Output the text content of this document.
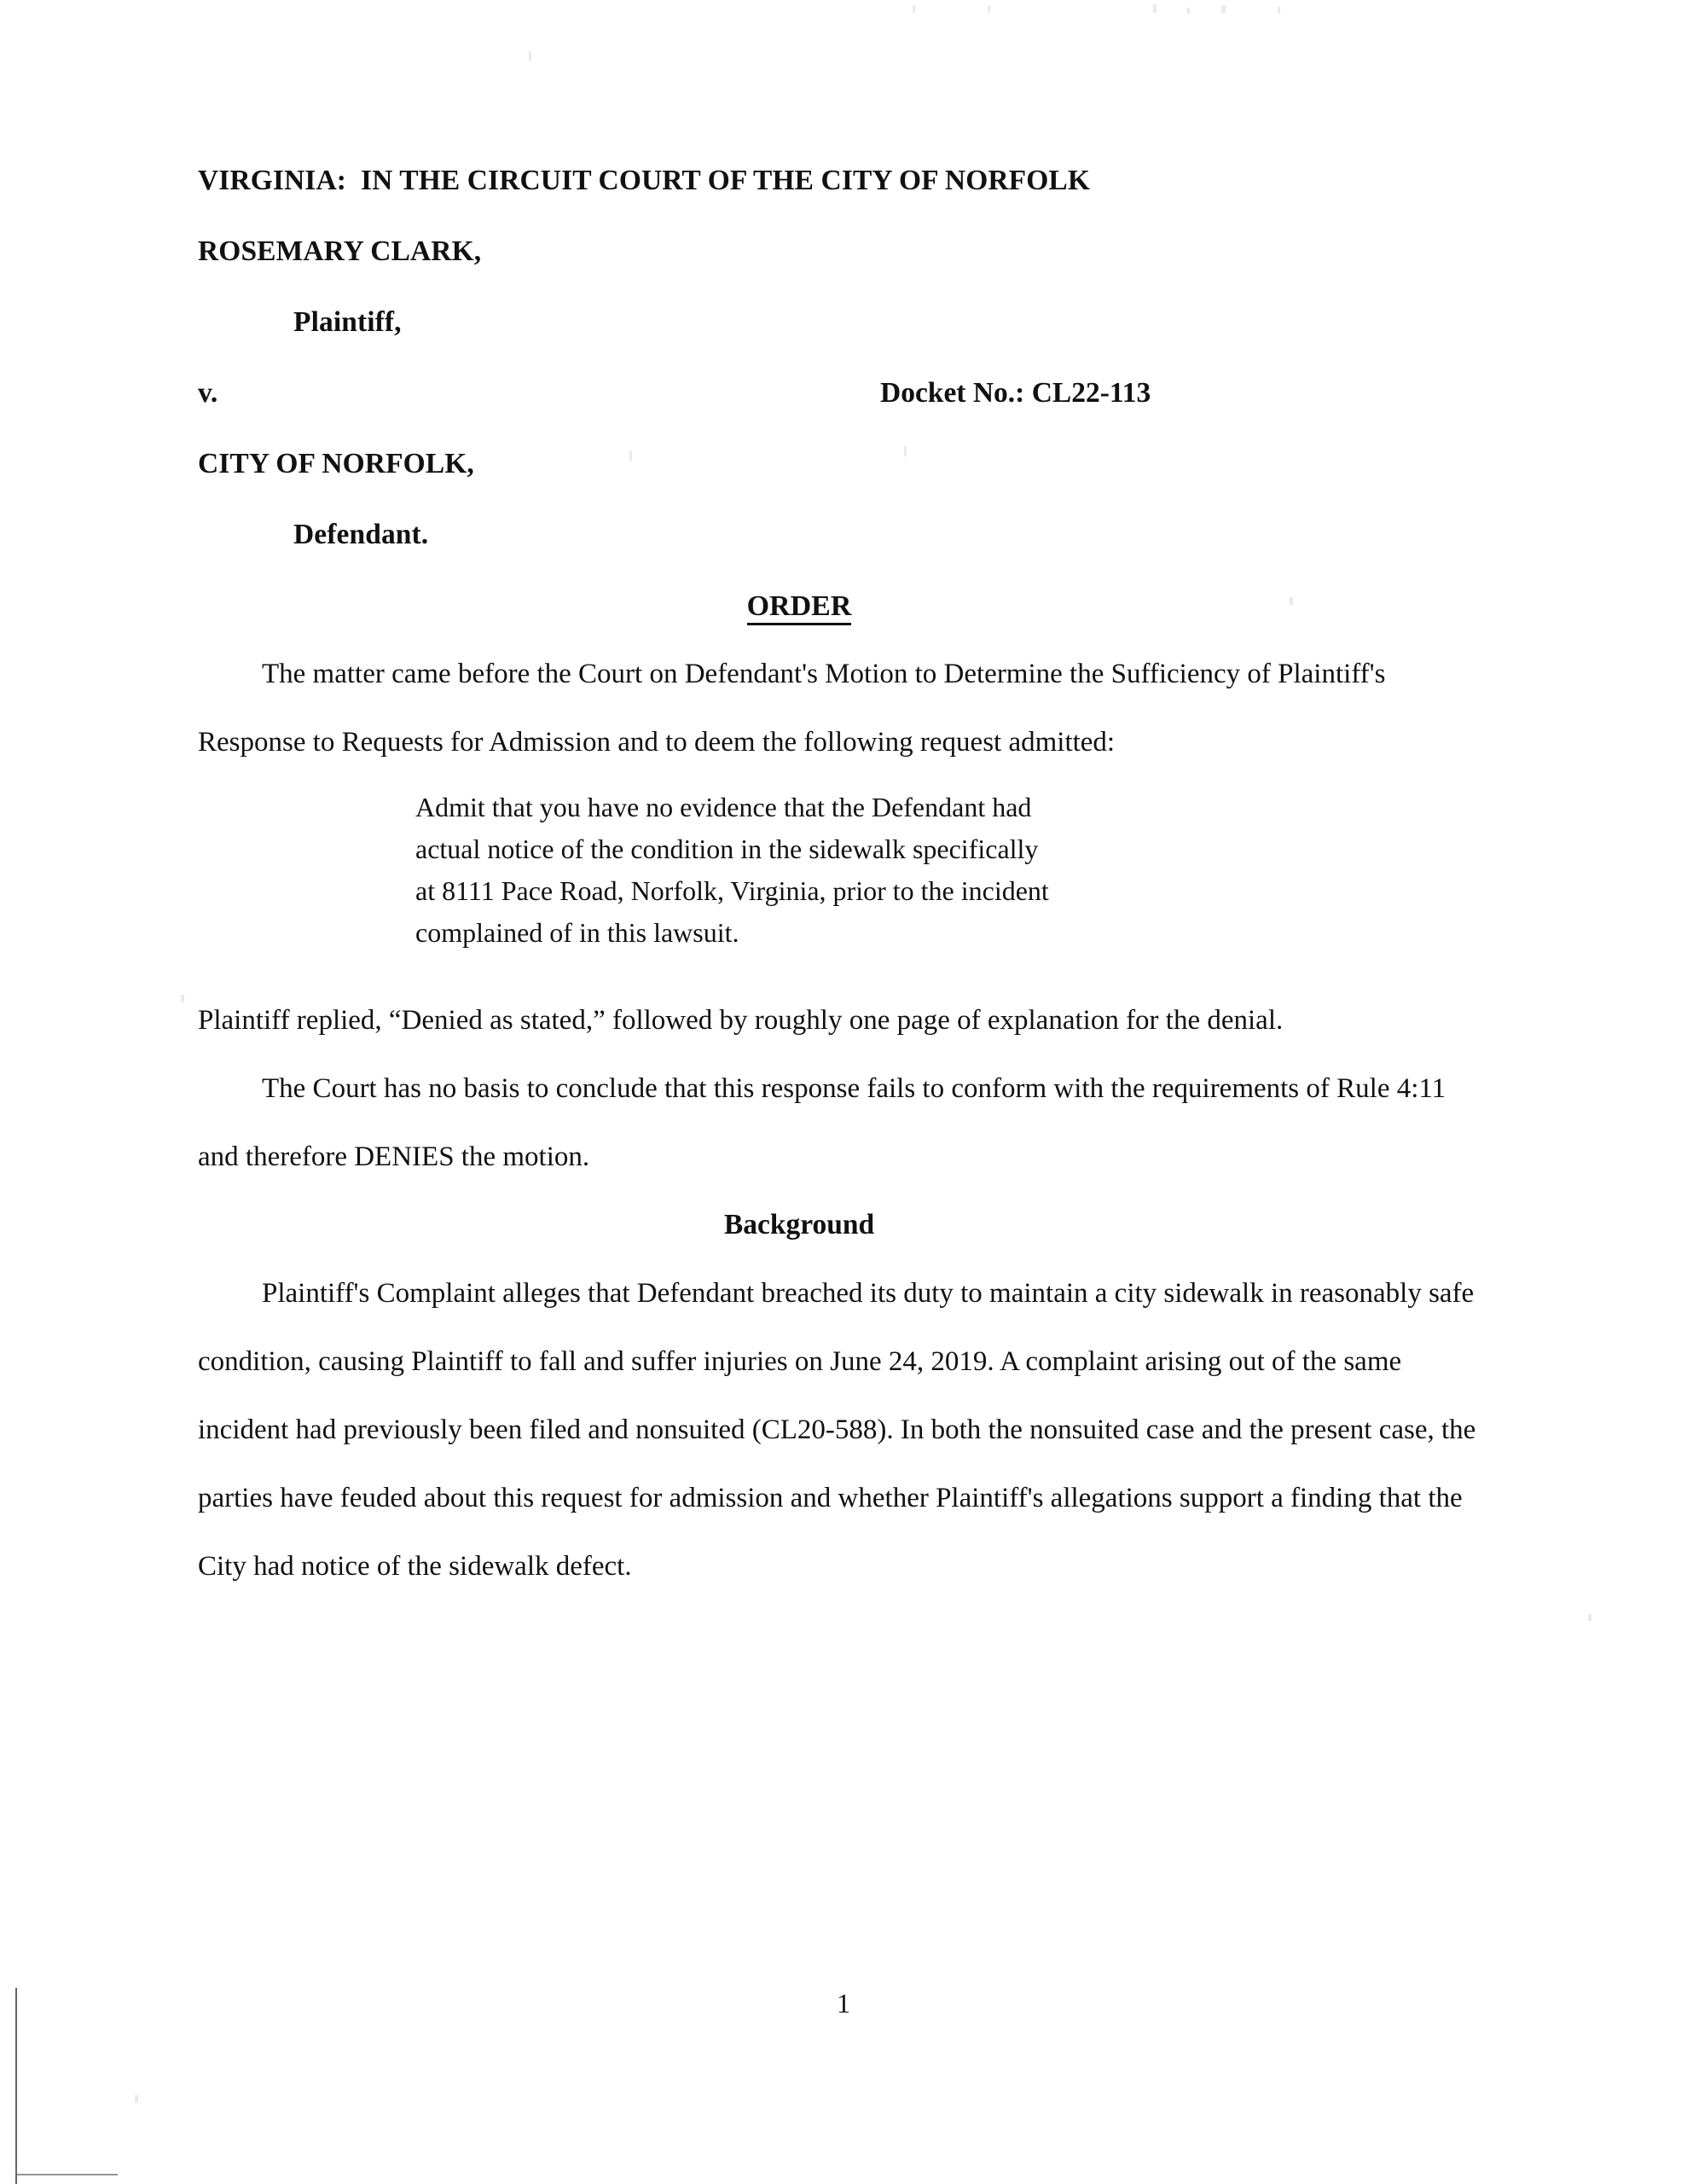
VIRGINIA:  IN THE CIRCUIT COURT OF THE CITY OF NORFOLK
ROSEMARY CLARK,
Plaintiff,
v.	Docket No.: CL22-113
CITY OF NORFOLK,
Defendant.
ORDER
The matter came before the Court on Defendant's Motion to Determine the Sufficiency of Plaintiff's Response to Requests for Admission and to deem the following request admitted:
Admit that you have no evidence that the Defendant had
actual notice of the condition in the sidewalk specifically
at 8111 Pace Road, Norfolk, Virginia, prior to the incident
complained of in this lawsuit.
Plaintiff replied, “Denied as stated,” followed by roughly one page of explanation for the denial.
The Court has no basis to conclude that this response fails to conform with the requirements of Rule 4:11 and therefore DENIES the motion.
Background
Plaintiff's Complaint alleges that Defendant breached its duty to maintain a city sidewalk in reasonably safe condition, causing Plaintiff to fall and suffer injuries on June 24, 2019. A complaint arising out of the same incident had previously been filed and nonsuited (CL20-588). In both the nonsuited case and the present case, the parties have feuded about this request for admission and whether Plaintiff's allegations support a finding that the City had notice of the sidewalk defect.
1
